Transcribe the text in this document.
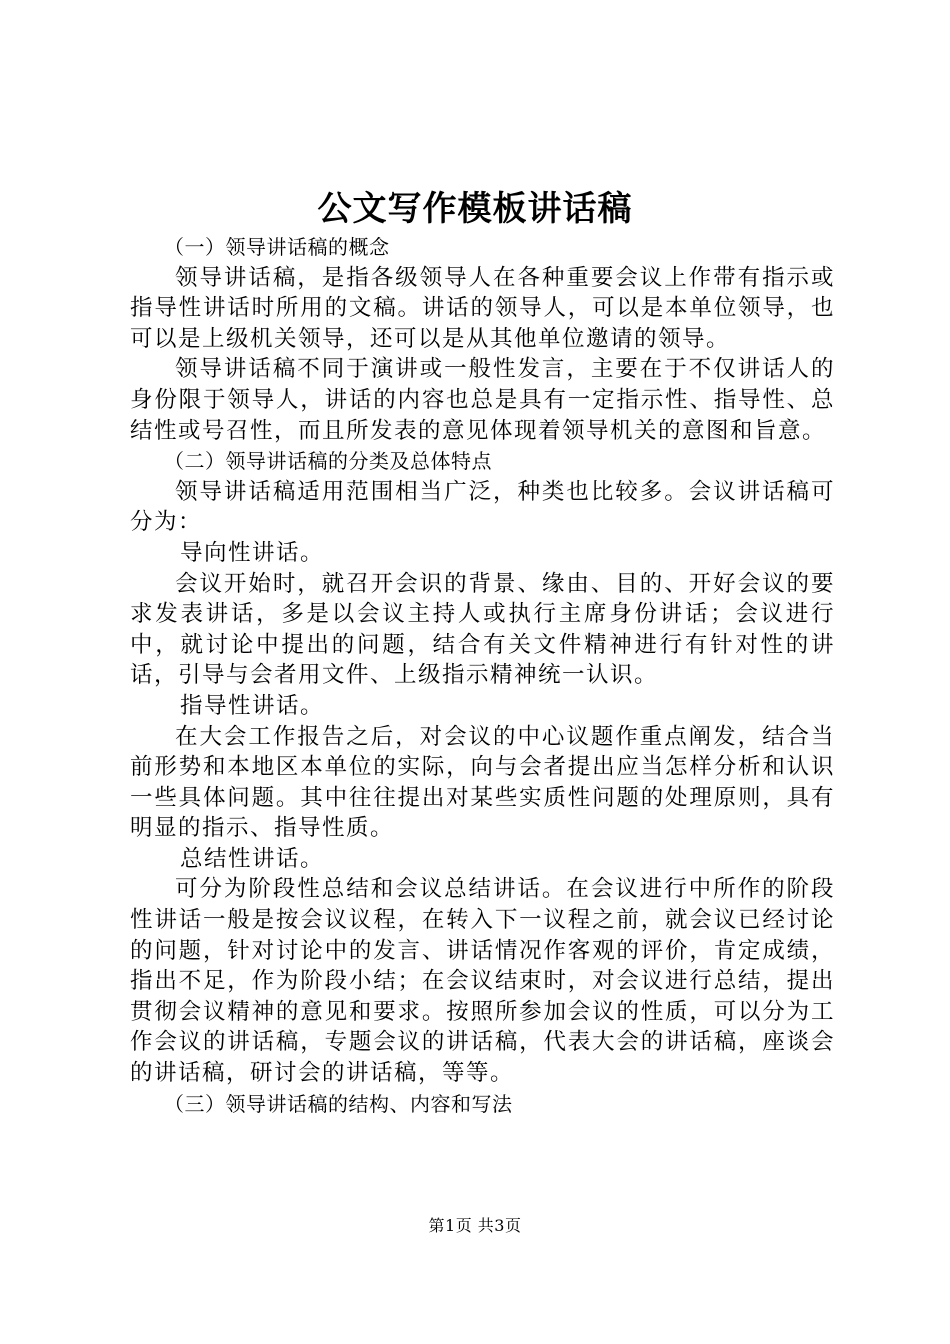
公文写作模板讲话稿

（一）领导讲话稿的概念

领导讲话稿，是指各级领导人在各种重要会议上作带有指示或指导性讲话时所用的文稿。讲话的领导人，可以是本单位领导，也可以是上级机关领导，还可以是从其他单位邀请的领导。

领导讲话稿不同于演讲或一般性发言，主要在于不仅讲话人的身份限于领导人，讲话的内容也总是具有一定指示性、指导性、总结性或号召性，而且所发表的意见体现着领导机关的意图和旨意。

（二）领导讲话稿的分类及总体特点

领导讲话稿适用范围相当广泛，种类也比较多。会议讲话稿可分为：

导向性讲话。

会议开始时，就召开会识的背景、缘由、目的、开好会议的要求发表讲话，多是以会议主持人或执行主席身份讲话；会议进行中，就讨论中提出的问题，结合有关文件精神进行有针对性的讲话，引导与会者用文件、上级指示精神统一认识。

指导性讲话。

在大会工作报告之后，对会议的中心议题作重点阐发，结合当前形势和本地区本单位的实际，向与会者提出应当怎样分析和认识一些具体问题。其中往往提出对某些实质性问题的处理原则，具有明显的指示、指导性质。

总结性讲话。

可分为阶段性总结和会议总结讲话。在会议进行中所作的阶段性讲话一般是按会议议程，在转入下一议程之前，就会议已经讨论的问题，针对讨论中的发言、讲话情况作客观的评价，肯定成绩，指出不足，作为阶段小结；在会议结束时，对会议进行总结，提出贯彻会议精神的意见和要求。按照所参加会议的性质，可以分为工作会议的讲话稿，专题会议的讲话稿，代表大会的讲话稿，座谈会的讲话稿，研讨会的讲话稿，等等。

（三）领导讲话稿的结构、内容和写法

第1页 共3页
